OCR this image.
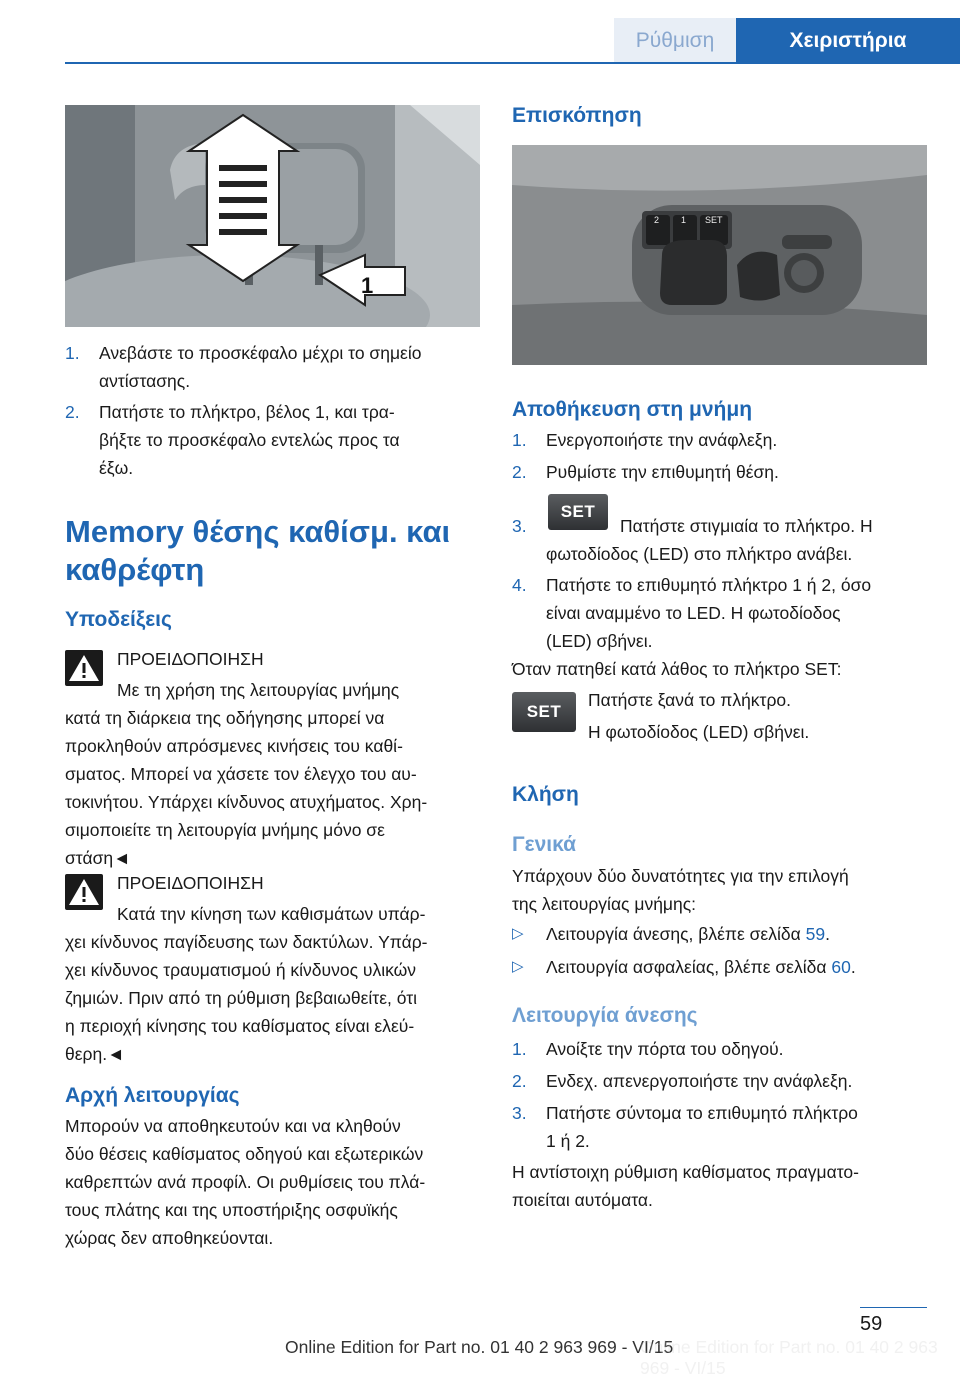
Ρύθμιση	Χειριστήρια
1
1. Ανεβάστε το προσκέφαλο μέχρι το σημείο

αντίστασης.

2. Πατήστε το πλήκτρο, βέλος 1, και τρα‐

βήξτε το προσκέφαλο εντελώς προς τα

έξω.

Memory θέσης καθίσμ. και
καθρέφτη
Υποδείξεις

ΠΡΟΕΙΔΟΠΟΙΗΣΗ

Με τη χρήση της λειτουργίας μνήμης

κατά τη διάρκεια της οδήγησης μπορεί να

προκληθούν απρόσμενες κινήσεις του καθί‐

σματος. Μπορεί να χάσετε τον έλεγχο του αυ‐

τοκινήτου. Υπάρχει κίνδυνος ατυχήματος. Χρη‐

σιμοποιείτε τη λειτουργία μνήμης μόνο σε

στάση◄

ΠΡΟΕΙΔΟΠΟΙΗΣΗ

Κατά την κίνηση των καθισμάτων υπάρ‐

χει κίνδυνος παγίδευσης των δακτύλων. Υπάρ‐

χει κίνδυνος τραυματισμού ή κίνδυνος υλικών

ζημιών. Πριν από τη ρύθμιση βεβαιωθείτε, ότι

η περιοχή κίνησης του καθίσματος είναι ελεύ‐

θερη.◄

Αρχή λειτουργίας

Μπορούν να αποθηκευτούν και να κληθούν

δύο θέσεις καθίσματος οδηγού και εξωτερικών

καθρεπτών ανά προφίλ. Οι ρυθμίσεις του πλά‐

τους πλάτης και της υποστήριξης οσφυϊκής

χώρας δεν αποθηκεύονται.

Επισκόπηση
2 1 SET
Αποθήκευση στη μνήμη
1. Ενεργοποιήστε την ανάφλεξη.

2. Ρυθμίστε την επιθυμητή θέση.

3.
SET

Πατήστε στιγμιαία το πλήκτρο. Η

φωτοδίοδος (LED) στο πλήκτρο ανάβει.

4. Πατήστε το επιθυμητό πλήκτρο 1 ή 2, όσο

είναι αναμμένο το LED. Η φωτοδίοδος

(LED) σβήνει.

Όταν πατηθεί κατά λάθος το πλήκτρο SET:

SET

Πατήστε ξανά το πλήκτρο.

Η φωτοδίοδος (LED) σβήνει.

Κλήση
Γενικά

Υπάρχουν δύο δυνατότητες για την επιλογή

της λειτουργίας μνήμης:

▷ Λειτουργία άνεσης, βλέπε σελίδα 59.

▷ Λειτουργία ασφαλείας, βλέπε σελίδα 60.

Λειτουργία άνεσης
1. Ανοίξτε την πόρτα του οδηγού.

2. Ενδεχ. απενεργοποιήστε την ανάφλεξη.

3. Πατήστε σύντομα το επιθυμητό πλήκτρο

1 ή 2.

Η αντίστοιχη ρύθμιση καθίσματος πραγματο‐

ποιείται αυτόματα.

59
Online Edition for Part no. 01 40 2 963 969 - VI/15
Online Edition for Part no. 01 40 2 963 969 - VI/15
